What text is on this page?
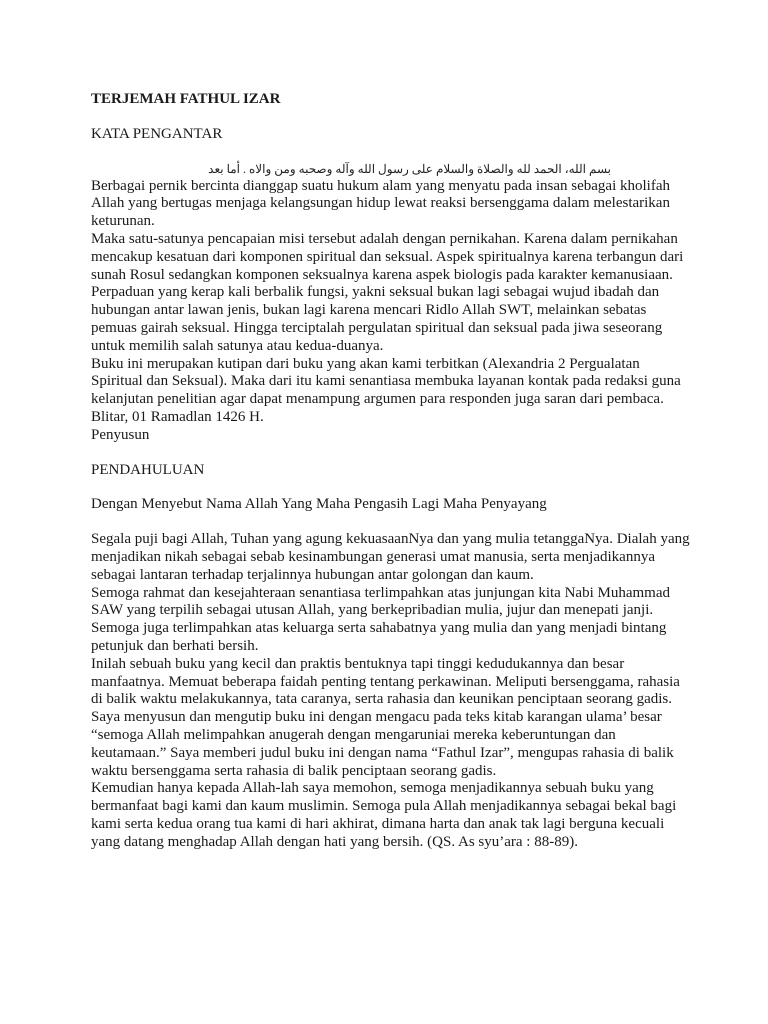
TERJEMAH FATHUL IZAR

KATA PENGANTAR

بسم الله، الحمد لله والصلاة والسلام على رسول الله وآله وصحبه ومن والاه . أما بعد

Berbagai pernik bercinta dianggap suatu hukum alam yang menyatu pada insan sebagai kholifah Allah yang bertugas menjaga kelangsungan hidup lewat reaksi bersenggama dalam melestarikan keturunan.

Maka satu-satunya pencapaian misi tersebut adalah dengan pernikahan. Karena dalam pernikahan mencakup kesatuan dari komponen spiritual dan seksual. Aspek spiritualnya karena terbangun dari sunah Rosul sedangkan komponen seksualnya karena aspek biologis pada karakter kemanusiaan.

Perpaduan yang kerap kali berbalik fungsi, yakni seksual bukan lagi sebagai wujud ibadah dan hubungan antar lawan jenis, bukan lagi karena mencari Ridlo Allah SWT, melainkan sebatas pemuas gairah seksual. Hingga terciptalah pergulatan spiritual dan seksual pada jiwa seseorang untuk memilih salah satunya atau kedua-duanya.

Buku ini merupakan kutipan dari buku yang akan kami terbitkan (Alexandria 2 Pergualatan Spiritual dan Seksual). Maka dari itu kami senantiasa membuka layanan kontak pada redaksi guna kelanjutan penelitian agar dapat menampung argumen para responden juga saran dari pembaca.

Blitar, 01 Ramadlan 1426 H.

Penyusun

PENDAHULUAN

Dengan Menyebut Nama Allah Yang Maha Pengasih Lagi Maha Penyayang

Segala puji bagi Allah, Tuhan yang agung kekuasaanNya dan yang mulia tetanggaNya. Dialah yang menjadikan nikah sebagai sebab kesinambungan generasi umat manusia, serta menjadikannya sebagai lantaran terhadap terjalinnya hubungan antar golongan dan kaum.

Semoga rahmat dan kesejahteraan senantiasa terlimpahkan atas junjungan kita Nabi Muhammad SAW yang terpilih sebagai utusan Allah, yang berkepribadian mulia, jujur dan menepati janji.

Semoga juga terlimpahkan atas keluarga serta sahabatnya yang mulia dan yang menjadi bintang petunjuk dan berhati bersih.

Inilah sebuah buku yang kecil dan praktis bentuknya tapi tinggi kedudukannya dan besar manfaatnya. Memuat beberapa faidah penting tentang perkawinan. Meliputi bersenggama, rahasia di balik waktu melakukannya, tata caranya, serta rahasia dan keunikan penciptaan seorang gadis.

Saya menyusun dan mengutip buku ini dengan mengacu pada teks kitab karangan ulama’ besar “semoga Allah melimpahkan anugerah dengan mengaruniai mereka keberuntungan dan keutamaan.” Saya memberi judul buku ini dengan nama “Fathul Izar”, mengupas rahasia di balik waktu bersenggama serta rahasia di balik penciptaan seorang gadis.

Kemudian hanya kepada Allah-lah saya memohon, semoga menjadikannya sebuah buku yang bermanfaat bagi kami dan kaum muslimin. Semoga pula Allah menjadikannya sebagai bekal bagi kami serta kedua orang tua kami di hari akhirat, dimana harta dan anak tak lagi berguna kecuali yang datang menghadap Allah dengan hati yang bersih. (QS. As syu’ara : 88-89).
